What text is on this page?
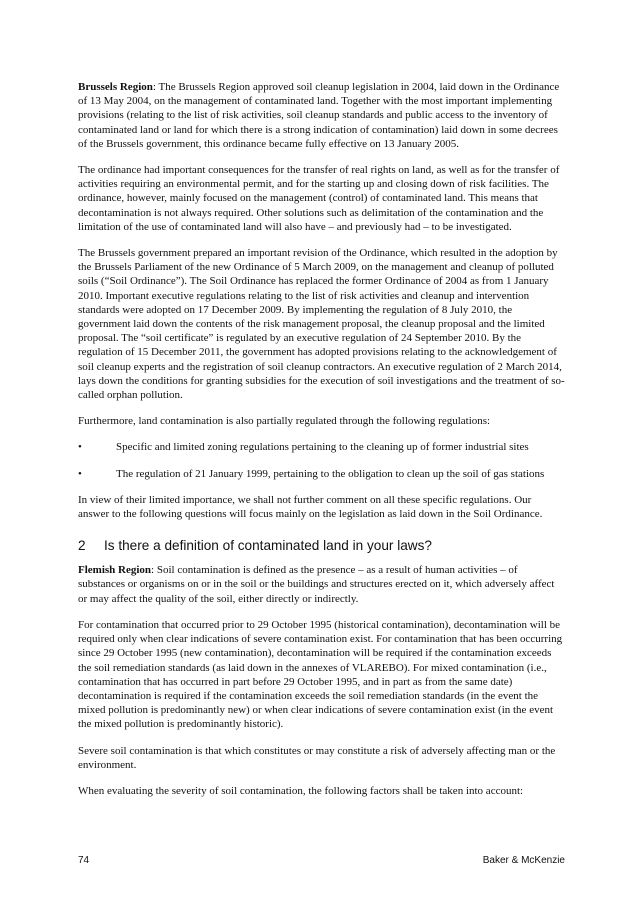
Brussels Region: The Brussels Region approved soil cleanup legislation in 2004, laid down in the Ordinance of 13 May 2004, on the management of contaminated land. Together with the most important implementing provisions (relating to the list of risk activities, soil cleanup standards and public access to the inventory of contaminated land or land for which there is a strong indication of contamination) laid down in some decrees of the Brussels government, this ordinance became fully effective on 13 January 2005.

The ordinance had important consequences for the transfer of real rights on land, as well as for the transfer of activities requiring an environmental permit, and for the starting up and closing down of risk facilities. The ordinance, however, mainly focused on the management (control) of contaminated land. This means that decontamination is not always required. Other solutions such as delimitation of the contamination and the limitation of the use of contaminated land will also have – and previously had – to be investigated.

The Brussels government prepared an important revision of the Ordinance, which resulted in the adoption by the Brussels Parliament of the new Ordinance of 5 March 2009, on the management and cleanup of polluted soils (“Soil Ordinance”). The Soil Ordinance has replaced the former Ordinance of 2004 as from 1 January 2010. Important executive regulations relating to the list of risk activities and cleanup and intervention standards were adopted on 17 December 2009. By implementing the regulation of 8 July 2010, the government laid down the contents of the risk management proposal, the cleanup proposal and the limited proposal. The “soil certificate” is regulated by an executive regulation of 24 September 2010. By the regulation of 15 December 2011, the government has adopted provisions relating to the acknowledgement of soil cleanup experts and the registration of soil cleanup contractors. An executive regulation of 2 March 2014, lays down the conditions for granting subsidies for the execution of soil investigations and the treatment of so-called orphan pollution.

Furthermore, land contamination is also partially regulated through the following regulations:

•	Specific and limited zoning regulations pertaining to the cleaning up of former industrial sites
•	The regulation of 21 January 1999, pertaining to the obligation to clean up the soil of gas stations

In view of their limited importance, we shall not further comment on all these specific regulations. Our answer to the following questions will focus mainly on the legislation as laid down in the Soil Ordinance.

2 Is there a definition of contaminated land in your laws?

Flemish Region: Soil contamination is defined as the presence – as a result of human activities – of substances or organisms on or in the soil or the buildings and structures erected on it, which adversely affect or may affect the quality of the soil, either directly or indirectly.

For contamination that occurred prior to 29 October 1995 (historical contamination), decontamination will be required only when clear indications of severe contamination exist. For contamination that has been occurring since 29 October 1995 (new contamination), decontamination will be required if the contamination exceeds the soil remediation standards (as laid down in the annexes of VLAREBO). For mixed contamination (i.e., contamination that has occurred in part before 29 October 1995, and in part as from the same date) decontamination is required if the contamination exceeds the soil remediation standards (in the event the mixed pollution is predominantly new) or when clear indications of severe contamination exist (in the event the mixed pollution is predominantly historic).

Severe soil contamination is that which constitutes or may constitute a risk of adversely affecting man or the environment.

When evaluating the severity of soil contamination, the following factors shall be taken into account:

74	Baker & McKenzie
